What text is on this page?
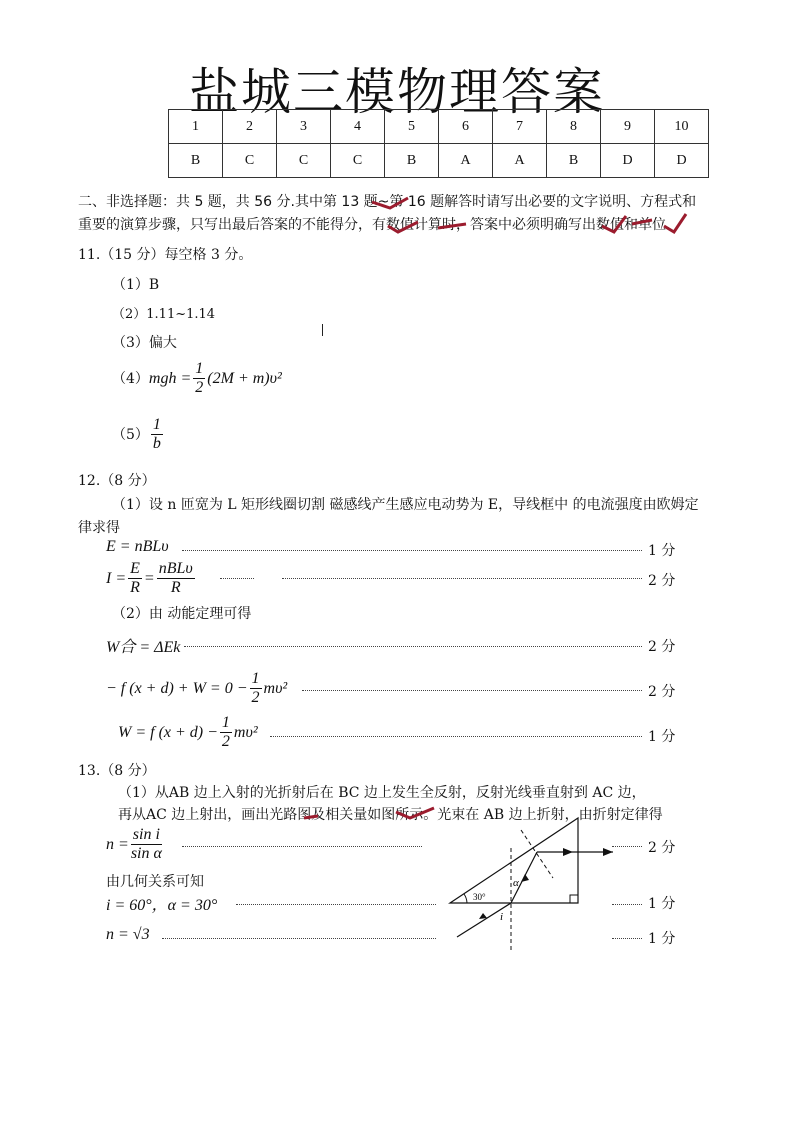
盐城三模物理答案
1	2	3	4	5	6	7	8	9	10
B	C	C	C	B	A	A	B	D	D
二、非选择题：共 5 题，共 56 分.其中第 13 题~第 16 题解答时请写出必要的文字说明、方程式和
重要的演算步骤，只写出最后答案的不能得分，有数值计算时，答案中必须明确写出数值和单位.
11.（15 分）每空格 3 分。
（1）B
（2）1.11~1.14
（3）偏大
$(4)mgh = \frac{1}{2} (2M + m)\upsilon^2$
$(5) \frac{1}{b}$
12.（8 分）
（1）设 n 匝宽为 L 矩形线圈切割 磁感线产生感应电动势为 E，导线框中 的电流强度由欧姆定
律求得
E = nBLυ	1 分
$I = \frac{E}{R} = \frac{\text{nBLυ}}{R}$	2 分
（2）由 动能定理可得
W合 = ΔEk	2 分
− f $(x + d) + W = 0 - \frac{1}{2} m\upsilon^2$	2 分
W = f $(x + d) - \frac{1}{2} m\upsilon^2$	1 分
13.（8 分）
（1）从AB 边上入射的光折射后在 BC 边上发生全反射，反射光线垂直射到 AC 边，
再从AC 边上射出，画出光路图及相关量如图所示。光束在 AB 边上折射，由折射定律得
$n = \frac{\text{sin i}}{\text{sin α}}$	2 分
由几何关系可知
i = 60°，α = 30°	1 分
n = √3	1 分
30°
α
i
